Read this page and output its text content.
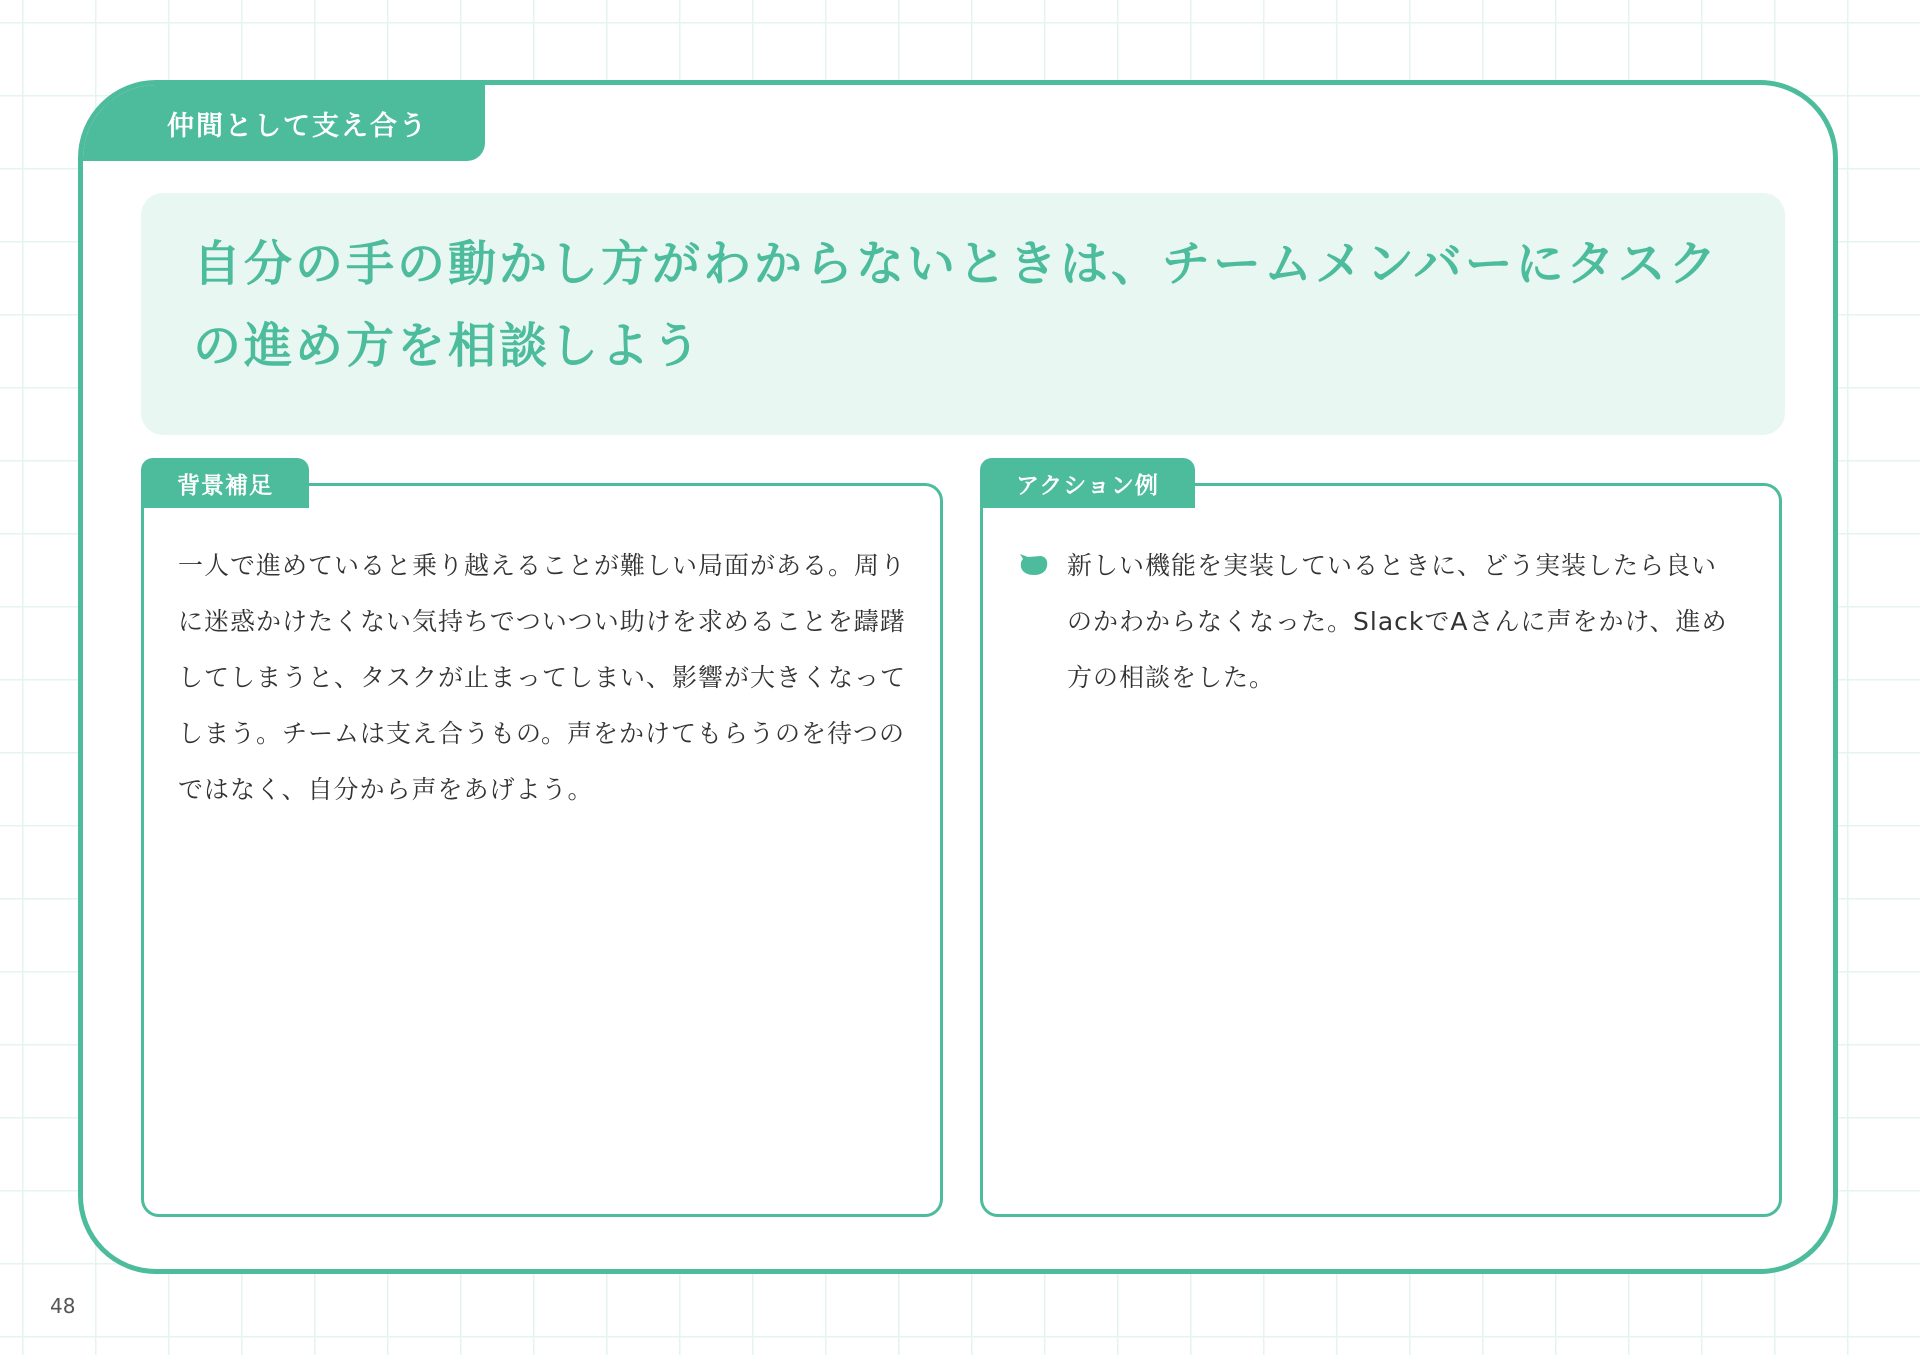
仲間として支え合う
自分の手の動かし方がわからないときは、チームメンバーにタスクの進め方を相談しよう
背景補足

一人で進めていると乗り越えることが難しい局面がある。周りに迷惑かけたくない気持ちでついつい助けを求めることを躊躇してしまうと、タスクが止まってしまい、影響が大きくなってしまう。チームは支え合うもの。声をかけてもらうのを待つのではなく、自分から声をあげよう。

アクション例
新しい機能を実装しているときに、どう実装したら良いのかわからなくなった。SlackでAさんに声をかけ、進め方の相談をした。
48
